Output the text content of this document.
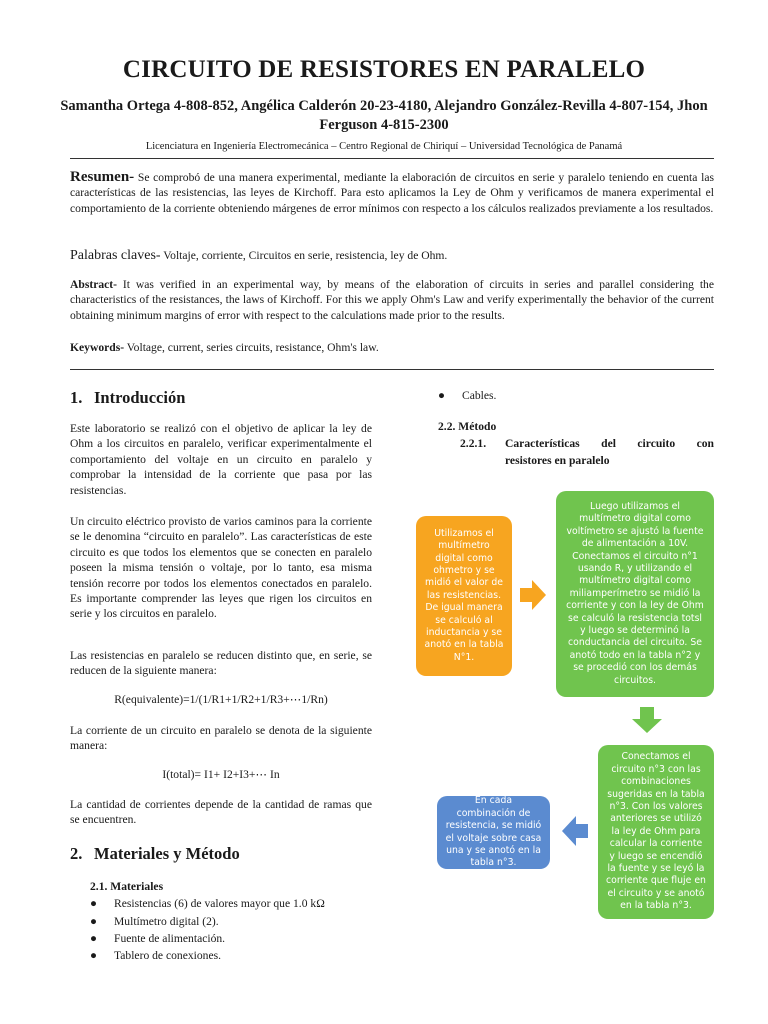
CIRCUITO DE RESISTORES EN PARALELO
Samantha Ortega 4-808-852, Angélica Calderón 20-23-4180, Alejandro González-Revilla 4-807-154, Jhon Ferguson 4-815-2300
Licenciatura en Ingeniería Electromecánica – Centro Regional de Chiriquí – Universidad Tecnológica de Panamá
Resumen- Se comprobó de una manera experimental, mediante la elaboración de circuitos en serie y paralelo teniendo en cuenta las características de las resistencias, las leyes de Kirchoff. Para esto aplicamos la Ley de Ohm y verificamos de manera experimental el comportamiento de la corriente obteniendo márgenes de error mínimos con respecto a los cálculos realizados previamente a los resultados.
Palabras claves- Voltaje, corriente, Circuitos en serie, resistencia, ley de Ohm.
Abstract- It was verified in an experimental way, by means of the elaboration of circuits in series and parallel considering the characteristics of the resistances, the laws of Kirchoff. For this we apply Ohm's Law and verify experimentally the behavior of the current obtaining minimum margins of error with respect to the calculations made prior to the results.
Keywords- Voltage, current, series circuits, resistance, Ohm's law.
1. Introducción
Este laboratorio se realizó con el objetivo de aplicar la ley de Ohm a los circuitos en paralelo, verificar experimentalmente el comportamiento del voltaje en un circuito en paralelo y comprobar la intensidad de la corriente que pasa por las resistencias.
Un circuito eléctrico provisto de varios caminos para la corriente se le denomina “circuito en paralelo”. Las características de este circuito es que todos los elementos que se conecten en paralelo poseen la misma tensión o voltaje, por lo tanto, esa misma tensión recorre por todos los elementos conectados en paralelo. Es importante comprender las leyes que rigen los circuitos en serie y los circuitos en paralelo.
Las resistencias en paralelo se reducen distinto que, en serie, se reducen de la siguiente manera:
R(equivalente)=1/(1/R1+1/R2+1/R3+⋯1/Rn)
La corriente de un circuito en paralelo se denota de la siguiente manera:
I(total)= I1+ I2+I3+⋯ In
La cantidad de corrientes depende de la cantidad de ramas que se encuentren.
2. Materiales y Método
2.1. Materiales
● Resistencias (6) de valores mayor que 1.0 kΩ
● Multímetro digital (2).
● Fuente de alimentación.
● Tablero de conexiones.
● Cables.
2.2. Método
2.2.1. Características del circuito con
resistores en paralelo
Utilizamos el multímetro digital como ohmetro y se midió el valor de las resistencias. De igual manera se calculó al inductancia y se anotó en la tabla N°1.
Luego utilizamos el multímetro digital como voltímetro se ajustó la fuente de alimentación a 10V. Conectamos el circuito n°1 usando R, y utilizando el multímetro digital como miliamperímetro se midió la corriente y con la ley de Ohm se calculó la resistencia totsl y luego se determinó la conductancia del circuito. Se anotó todo en la tabla n°2 y se procedió con los demás circuitos.
Conectamos el circuito n°3 con las combinaciones sugeridas en la tabla n°3. Con los valores anteriores se utilizó la ley de Ohm para calcular la corriente y luego se encendió la fuente y se leyó la corriente que fluje en el circuito y se anotó en la tabla n°3.
En cada combinación de resistencia, se midió el voltaje sobre casa una y se anotó en la tabla n°3.
